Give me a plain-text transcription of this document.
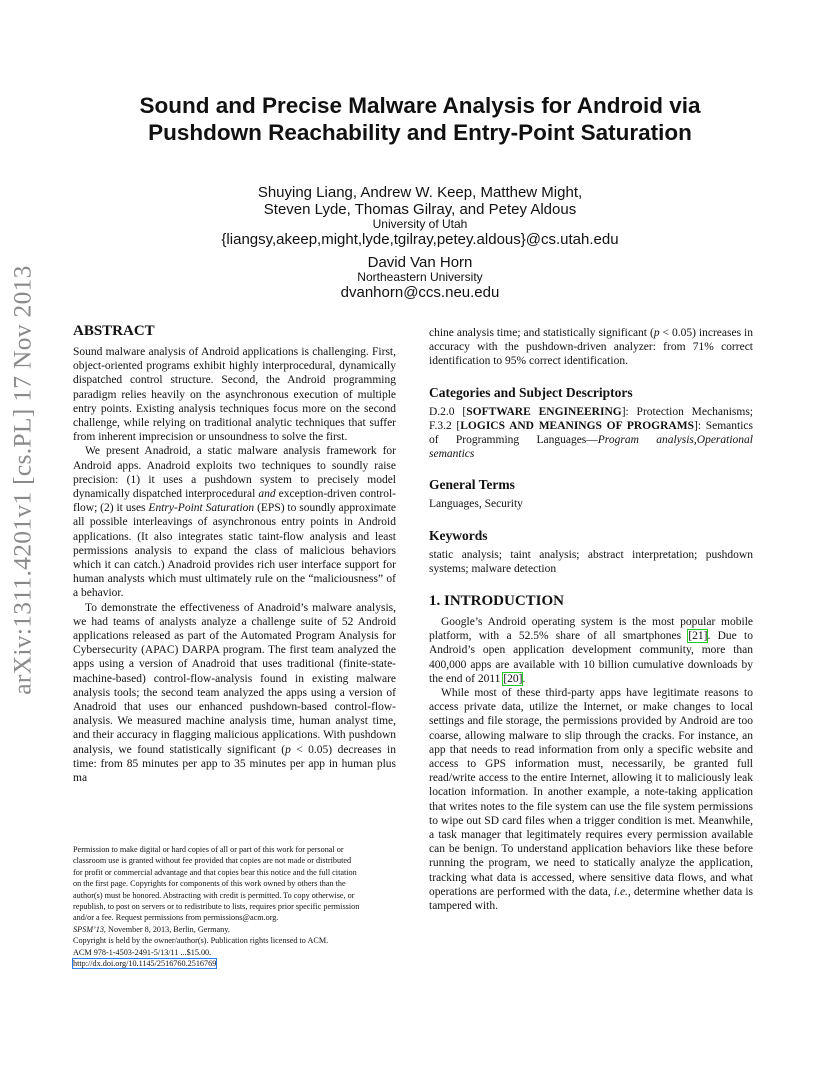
arXiv:1311.4201v1 [cs.PL] 17 Nov 2013
Sound and Precise Malware Analysis for Android via
Pushdown Reachability and Entry-Point Saturation
Shuying Liang, Andrew W. Keep, Matthew Might,
Steven Lyde, Thomas Gilray, and Petey Aldous
University of Utah
{liangsy,akeep,might,lyde,tgilray,petey.aldous}@cs.utah.edu
David Van Horn
Northeastern University
dvanhorn@ccs.neu.edu
ABSTRACT

Sound malware analysis of Android applications is challenging. First, object-oriented programs exhibit highly interprocedural, dynamically dispatched control structure. Second, the Android programming paradigm relies heavily on the asynchronous execution of multiple entry points. Existing analysis techniques focus more on the second challenge, while relying on traditional analytic techniques that suffer from inherent imprecision or unsoundness to solve the first.

We present Anadroid, a static malware analysis framework for Android apps. Anadroid exploits two techniques to soundly raise precision: (1) it uses a pushdown system to precisely model dynamically dispatched interprocedural and exception-driven control-flow; (2) it uses Entry-Point Saturation (EPS) to soundly approximate all possible interleavings of asynchronous entry points in Android applications. (It also integrates static taint-flow analysis and least permissions analysis to expand the class of malicious behaviors which it can catch.) Anadroid provides rich user interface support for human analysts which must ultimately rule on the “maliciousness” of a behavior.

To demonstrate the effectiveness of Anadroid’s malware analysis, we had teams of analysts analyze a challenge suite of 52 Android applications released as part of the Automated Program Analysis for Cybersecurity (APAC) DARPA program. The first team analyzed the apps using a version of Anadroid that uses traditional (finite-state-machine-based) control-flow-analysis found in existing malware analysis tools; the second team analyzed the apps using a version of Anadroid that uses our enhanced pushdown-based control-flow-analysis. We measured machine analysis time, human analyst time, and their accuracy in flagging malicious applications. With pushdown analysis, we found statistically significant (p < 0.05) decreases in time: from 85 minutes per app to 35 minutes per app in human plus ma

chine analysis time; and statistically significant (p < 0.05) increases in accuracy with the pushdown-driven analyzer: from 71% correct identification to 95% correct identification.

Categories and Subject Descriptors

D.2.0 [SOFTWARE ENGINEERING]: Protection Mechanisms; F.3.2 [LOGICS AND MEANINGS OF PROGRAMS]: Semantics of Programming Languages—Program analysis,Operational semantics

General Terms

Languages, Security

Keywords

static analysis; taint analysis; abstract interpretation; pushdown systems; malware detection

1. INTRODUCTION

Google’s Android operating system is the most popular mobile platform, with a 52.5% share of all smartphones [21]. Due to Android’s open application development community, more than 400,000 apps are available with 10 billion cumulative downloads by the end of 2011 [20].

While most of these third-party apps have legitimate reasons to access private data, utilize the Internet, or make changes to local settings and file storage, the permissions provided by Android are too coarse, allowing malware to slip through the cracks. For instance, an app that needs to read information from only a specific website and access to GPS information must, necessarily, be granted full read/write access to the entire Internet, allowing it to maliciously leak location information. In another example, a note-taking application that writes notes to the file system can use the file system permissions to wipe out SD card files when a trigger condition is met. Meanwhile, a task manager that legitimately requires every permission available can be benign. To understand application behaviors like these before running the program, we need to statically analyze the application, tracking what data is accessed, where sensitive data flows, and what operations are performed with the data, i.e., determine whether data is tampered with.

Permission to make digital or hard copies of all or part of this work for personal or
classroom use is granted without fee provided that copies are not made or distributed
for profit or commercial advantage and that copies bear this notice and the full citation
on the first page. Copyrights for components of this work owned by others than the
author(s) must be honored. Abstracting with credit is permitted. To copy otherwise, or
republish, to post on servers or to redistribute to lists, requires prior specific permission
and/or a fee. Request permissions from permissions@acm.org.
SPSM’13, November 8, 2013, Berlin, Germany.
Copyright is held by the owner/author(s). Publication rights licensed to ACM.
ACM 978-1-4503-2491-5/13/11 ...$15.00.
http://dx.doi.org/10.1145/2516760.2516769
